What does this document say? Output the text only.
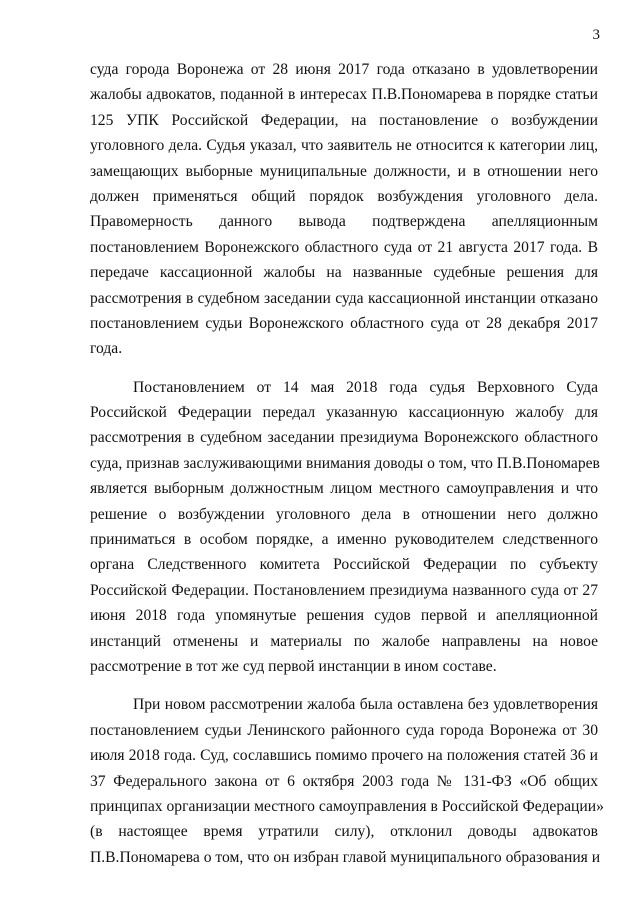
3
суда города Воронежа от 28 июня 2017 года отказано в удовлетворении
жалобы адвокатов, поданной в интересах П.В.Пономарева в порядке статьи
125 УПК Российской Федерации, на постановление о возбуждении
уголовного дела. Судья указал, что заявитель не относится к категории лиц,
замещающих выборные муниципальные должности, и в отношении него
должен применяться общий порядок возбуждения уголовного дела.
Правомерность данного вывода подтверждена апелляционным
постановлением Воронежского областного суда от 21 августа 2017 года. В
передаче кассационной жалобы на названные судебные решения для
рассмотрения в судебном заседании суда кассационной инстанции отказано
постановлением судьи Воронежского областного суда от 28 декабря 2017
года.
Постановлением от 14 мая 2018 года судья Верховного Суда
Российской Федерации передал указанную кассационную жалобу для
рассмотрения в судебном заседании президиума Воронежского областного
суда, признав заслуживающими внимания доводы о том, что П.В.Пономарев
является выборным должностным лицом местного самоуправления и что
решение о возбуждении уголовного дела в отношении него должно
приниматься в особом порядке, а именно руководителем следственного
органа Следственного комитета Российской Федерации по субъекту
Российской Федерации. Постановлением президиума названного суда от 27
июня 2018 года упомянутые решения судов первой и апелляционной
инстанций отменены и материалы по жалобе направлены на новое
рассмотрение в тот же суд первой инстанции в ином составе.
При новом рассмотрении жалоба была оставлена без удовлетворения
постановлением судьи Ленинского районного суда города Воронежа от 30
июля 2018 года. Суд, сославшись помимо прочего на положения статей 36 и
37 Федерального закона от 6 октября 2003 года № 131-ФЗ «Об общих
принципах организации местного самоуправления в Российской Федерации»
(в настоящее время утратили силу), отклонил доводы адвокатов
П.В.Пономарева о том, что он избран главой муниципального образования и
